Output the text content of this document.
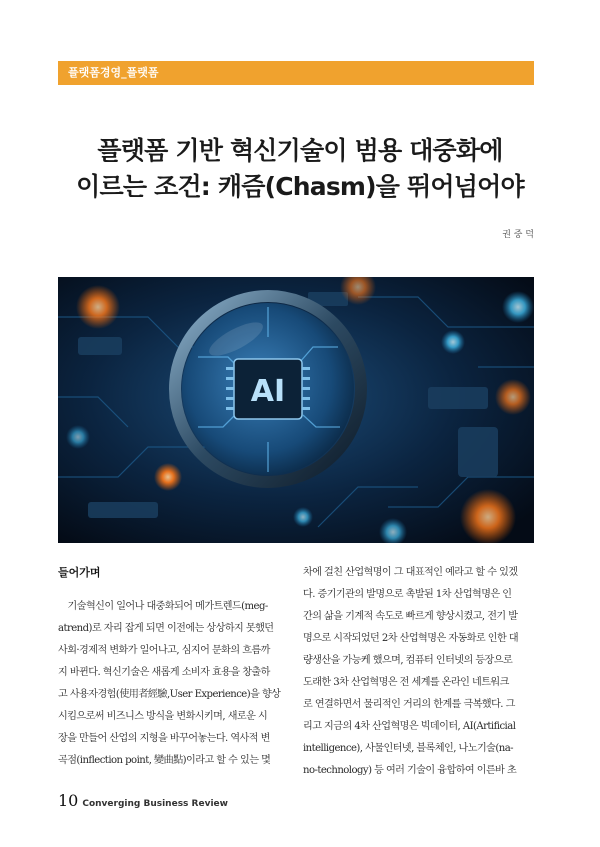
플랫폼경영_플랫폼
플랫폼 기반 혁신기술이 범용 대중화에
이르는 조건: 캐즘(Chasm)을 뛰어넘어야
권 중 덕
AI
들어가며

　기술혁신이 일어나 대중화되어 메가트렌드(meg-
atrend)로 자리 잡게 되면 이전에는 상상하지 못했던
사회·경제적 변화가 일어나고, 심지어 문화의 흐름까
지 바뀐다. 혁신기술은 새롭게 소비자 효용을 창출하
고 사용자경험(使用者經驗,User Experience)을 향상
시킴으로써 비즈니스 방식을 변화시키며, 새로운 시
장을 만들어 산업의 지형을 바꾸어놓는다. 역사적 변
곡점(inflection point, 變曲點)이라고 할 수 있는 몇

차에 걸친 산업혁명이 그 대표적인 예라고 할 수 있겠
다. 증기기관의 발명으로 촉발된 1차 산업혁명은 인
간의 삶을 기계적 속도로 빠르게 향상시켰고, 전기 발
명으로 시작되었던 2차 산업혁명은 자동화로 인한 대
량생산을 가능케 했으며, 컴퓨터 인터넷의 등장으로
도래한 3차 산업혁명은 전 세계를 온라인 네트워크
로 연결하면서 물리적인 거리의 한계를 극복했다. 그
리고 지금의 4차 산업혁명은 빅데이터, AI(Artificial
intelligence), 사물인터넷, 블록체인, 나노기술(na-
no-technology) 등 여러 기술이 융합하여 이른바 초

10 Converging Business Review
